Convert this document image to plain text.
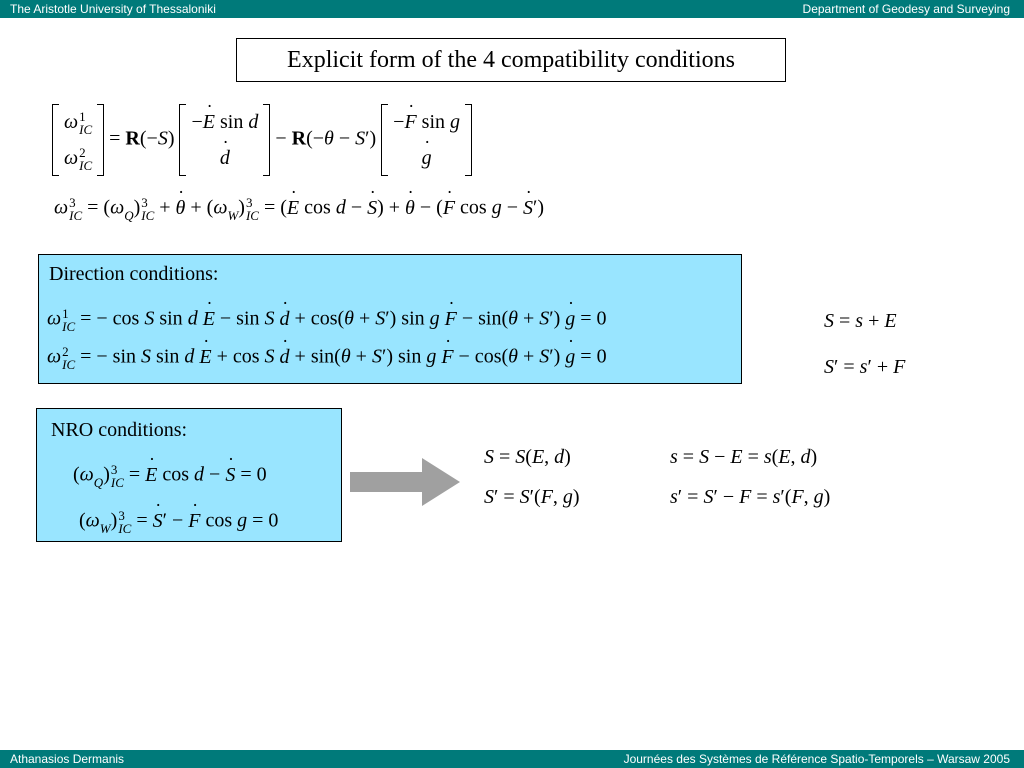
The Aristotle University of Thessaloniki	Department of Geodesy and Surveying
Explicit form of the 4 compatibility conditions
ω 1
IC
ω 2
IC
= R(−S)
−E ˙ sin d
d ˙
− R(−θ − S′)
−F ˙ sin g
g ˙
ω 3
IC = $(\omega_Q)$ 3
IC + θ ˙ + $(\omega_W)$ 3
IC = (E ˙ cos d − S ˙) + θ ˙ − (F ˙ cos g − S ˙′)
Direction conditions:
ω 1
IC = − cos S sin d E ˙ − sin S d ˙ + cos(θ + S′) sin g F ˙ − sin(θ + S′) g ˙ = 0
ω 2
IC = − sin S sin d E ˙ + cos S d ˙ + sin(θ + S′) sin g F ˙ − cos(θ + S′) g ˙ = 0
S = s + E
S′ = s′ + F
NRO conditions:
$(\omega_Q)$ 3
IC = E ˙ cos d − S ˙ = 0
$(\omega_W)$ 3
IC = S ˙′ − F ˙ cos g = 0
S = S(E, d)	s = S − E = s(E, d)
S′ = S′(F, g)	s′ = S′ − F = s′(F, g)
Athanasios Dermanis	Journées des Systèmes de Référence Spatio-Temporels – Warsaw 2005
